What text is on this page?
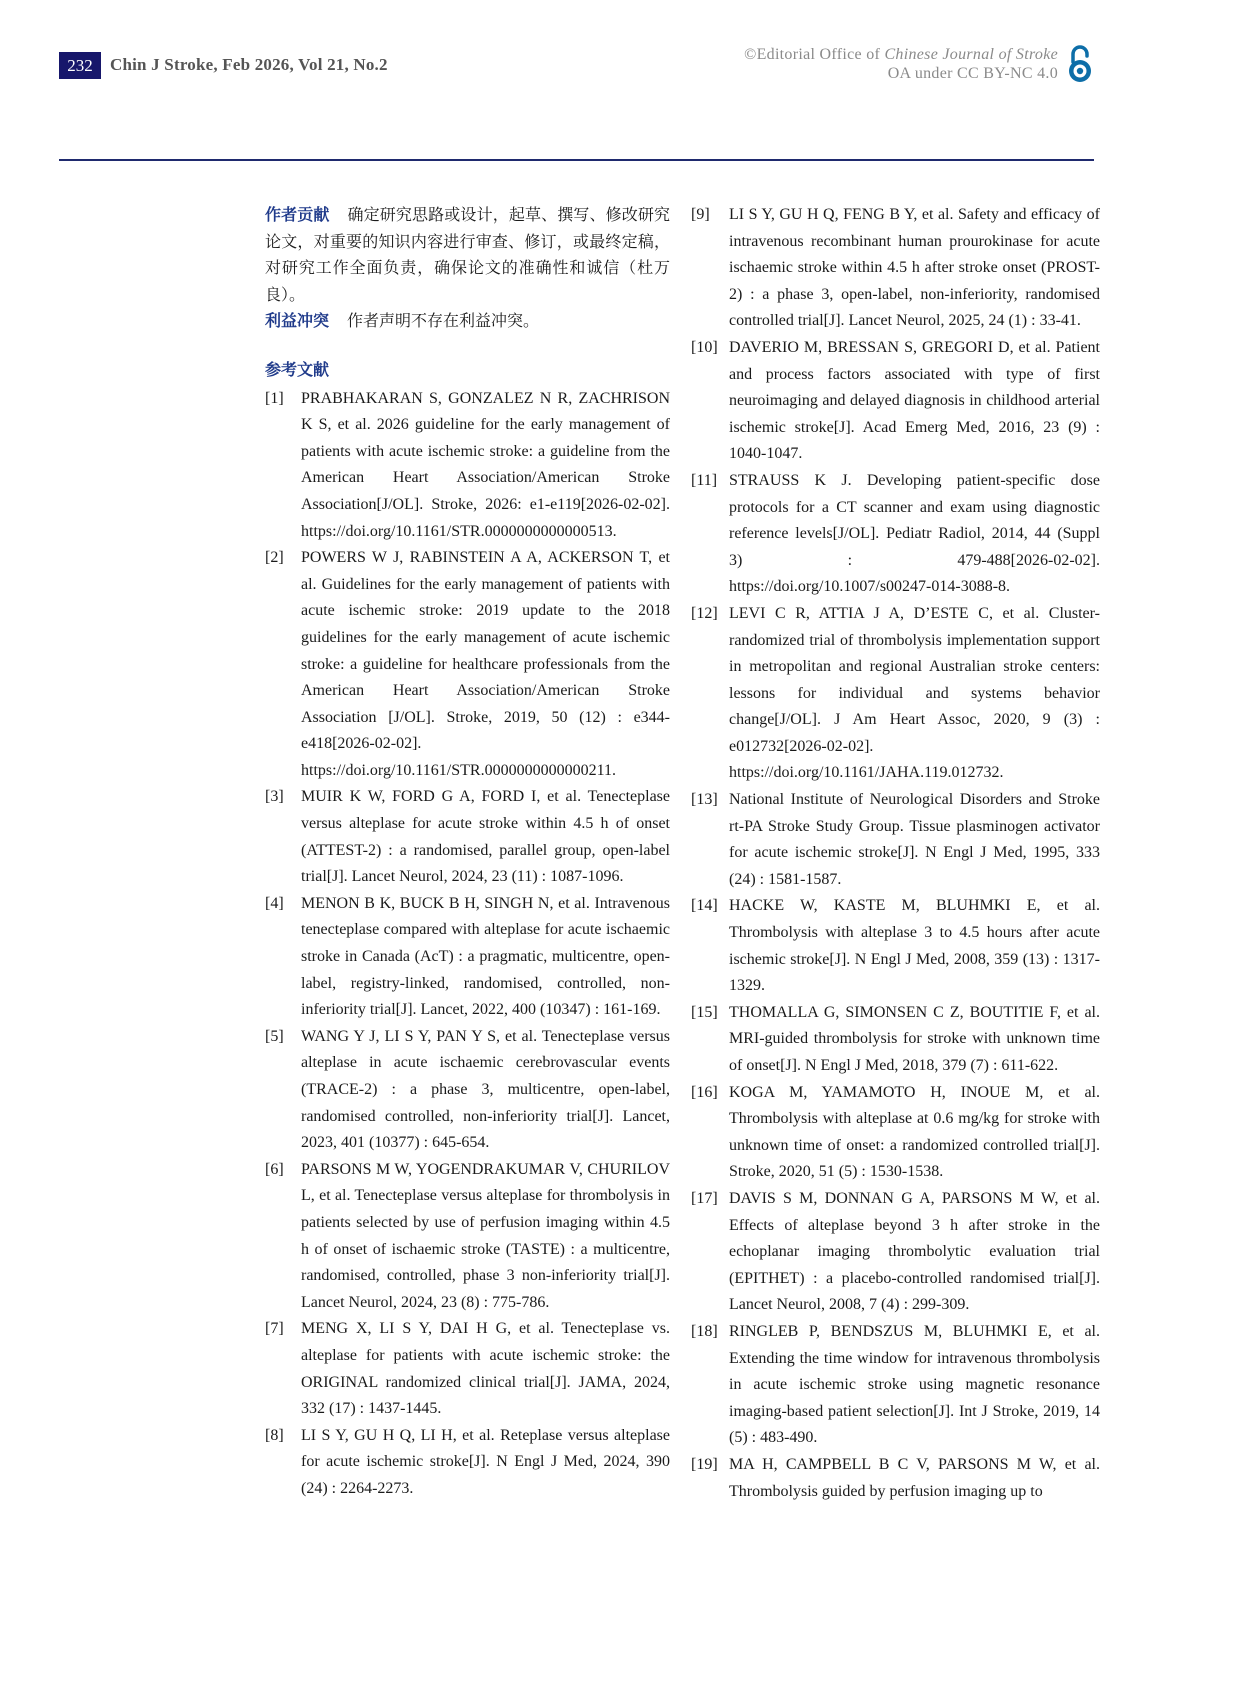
232	Chin J Stroke, Feb 2026, Vol 21, No.2
©Editorial Office of Chinese Journal of Stroke
OA under CC BY-NC 4.0

作者贡献 确定研究思路或设计，起草、撰写、修改研究论文，对重要的知识内容进行审查、修订，或最终定稿，对研究工作全面负责，确保论文的准确性和诚信（杜万良）。

利益冲突 作者声明不存在利益冲突。

参考文献

[1] PRABHAKARAN S, GONZALEZ N R, ZACHRISON K S, et al. 2026 guideline for the early management of patients with acute ischemic stroke: a guideline from the American Heart Association/American Stroke Association[J/OL]. Stroke, 2026: e1-e119[2026-02-02]. https://doi.org/10.1161/STR.0000000000000513.

[2] POWERS W J, RABINSTEIN A A, ACKERSON T, et al. Guidelines for the early management of patients with acute ischemic stroke: 2019 update to the 2018 guidelines for the early management of acute ischemic stroke: a guideline for healthcare professionals from the American Heart Association/American Stroke Association [J/OL]. Stroke, 2019, 50 (12) : e344-e418[2026-02-02]. https://doi.org/10.1161/STR.0000000000000211.

[3] MUIR K W, FORD G A, FORD I, et al. Tenecteplase versus alteplase for acute stroke within 4.5 h of onset (ATTEST-2) : a randomised, parallel group, open-label trial[J]. Lancet Neurol, 2024, 23 (11) : 1087-1096.

[4] MENON B K, BUCK B H, SINGH N, et al. Intravenous tenecteplase compared with alteplase for acute ischaemic stroke in Canada (AcT) : a pragmatic, multicentre, open-label, registry-linked, randomised, controlled, non-inferiority trial[J]. Lancet, 2022, 400 (10347) : 161-169.

[5] WANG Y J, LI S Y, PAN Y S, et al. Tenecteplase versus alteplase in acute ischaemic cerebrovascular events (TRACE-2) : a phase 3, multicentre, open-label, randomised controlled, non-inferiority trial[J]. Lancet, 2023, 401 (10377) : 645-654.

[6] PARSONS M W, YOGENDRAKUMAR V, CHURILOV L, et al. Tenecteplase versus alteplase for thrombolysis in patients selected by use of perfusion imaging within 4.5 h of onset of ischaemic stroke (TASTE) : a multicentre, randomised, controlled, phase 3 non-inferiority trial[J]. Lancet Neurol, 2024, 23 (8) : 775-786.

[7] MENG X, LI S Y, DAI H G, et al. Tenecteplase vs. alteplase for patients with acute ischemic stroke: the ORIGINAL randomized clinical trial[J]. JAMA, 2024, 332 (17) : 1437-1445.

[8] LI S Y, GU H Q, LI H, et al. Reteplase versus alteplase for acute ischemic stroke[J]. N Engl J Med, 2024, 390 (24) : 2264-2273.

[9] LI S Y, GU H Q, FENG B Y, et al. Safety and efficacy of intravenous recombinant human prourokinase for acute ischaemic stroke within 4.5 h after stroke onset (PROST-2) : a phase 3, open-label, non-inferiority, randomised controlled trial[J]. Lancet Neurol, 2025, 24 (1) : 33-41.

[10] DAVERIO M, BRESSAN S, GREGORI D, et al. Patient and process factors associated with type of first neuroimaging and delayed diagnosis in childhood arterial ischemic stroke[J]. Acad Emerg Med, 2016, 23 (9) : 1040-1047.

[11] STRAUSS K J. Developing patient-specific dose protocols for a CT scanner and exam using diagnostic reference levels[J/OL]. Pediatr Radiol, 2014, 44 (Suppl 3) : 479-488[2026-02-02]. https://doi.org/10.1007/s00247-014-3088-8.

[12] LEVI C R, ATTIA J A, D’ESTE C, et al. Cluster-randomized trial of thrombolysis implementation support in metropolitan and regional Australian stroke centers: lessons for individual and systems behavior change[J/OL]. J Am Heart Assoc, 2020, 9 (3) : e012732[2026-02-02]. https://doi.org/10.1161/JAHA.119.012732.

[13] National Institute of Neurological Disorders and Stroke rt-PA Stroke Study Group. Tissue plasminogen activator for acute ischemic stroke[J]. N Engl J Med, 1995, 333 (24) : 1581-1587.

[14] HACKE W, KASTE M, BLUHMKI E, et al. Thrombolysis with alteplase 3 to 4.5 hours after acute ischemic stroke[J]. N Engl J Med, 2008, 359 (13) : 1317-1329.

[15] THOMALLA G, SIMONSEN C Z, BOUTITIE F, et al. MRI-guided thrombolysis for stroke with unknown time of onset[J]. N Engl J Med, 2018, 379 (7) : 611-622.

[16] KOGA M, YAMAMOTO H, INOUE M, et al. Thrombolysis with alteplase at 0.6 mg/kg for stroke with unknown time of onset: a randomized controlled trial[J]. Stroke, 2020, 51 (5) : 1530-1538.

[17] DAVIS S M, DONNAN G A, PARSONS M W, et al. Effects of alteplase beyond 3 h after stroke in the echoplanar imaging thrombolytic evaluation trial (EPITHET) : a placebo-controlled randomised trial[J]. Lancet Neurol, 2008, 7 (4) : 299-309.

[18] RINGLEB P, BENDSZUS M, BLUHMKI E, et al. Extending the time window for intravenous thrombolysis in acute ischemic stroke using magnetic resonance imaging-based patient selection[J]. Int J Stroke, 2019, 14 (5) : 483-490.

[19] MA H, CAMPBELL B C V, PARSONS M W, et al. Thrombolysis guided by perfusion imaging up to
